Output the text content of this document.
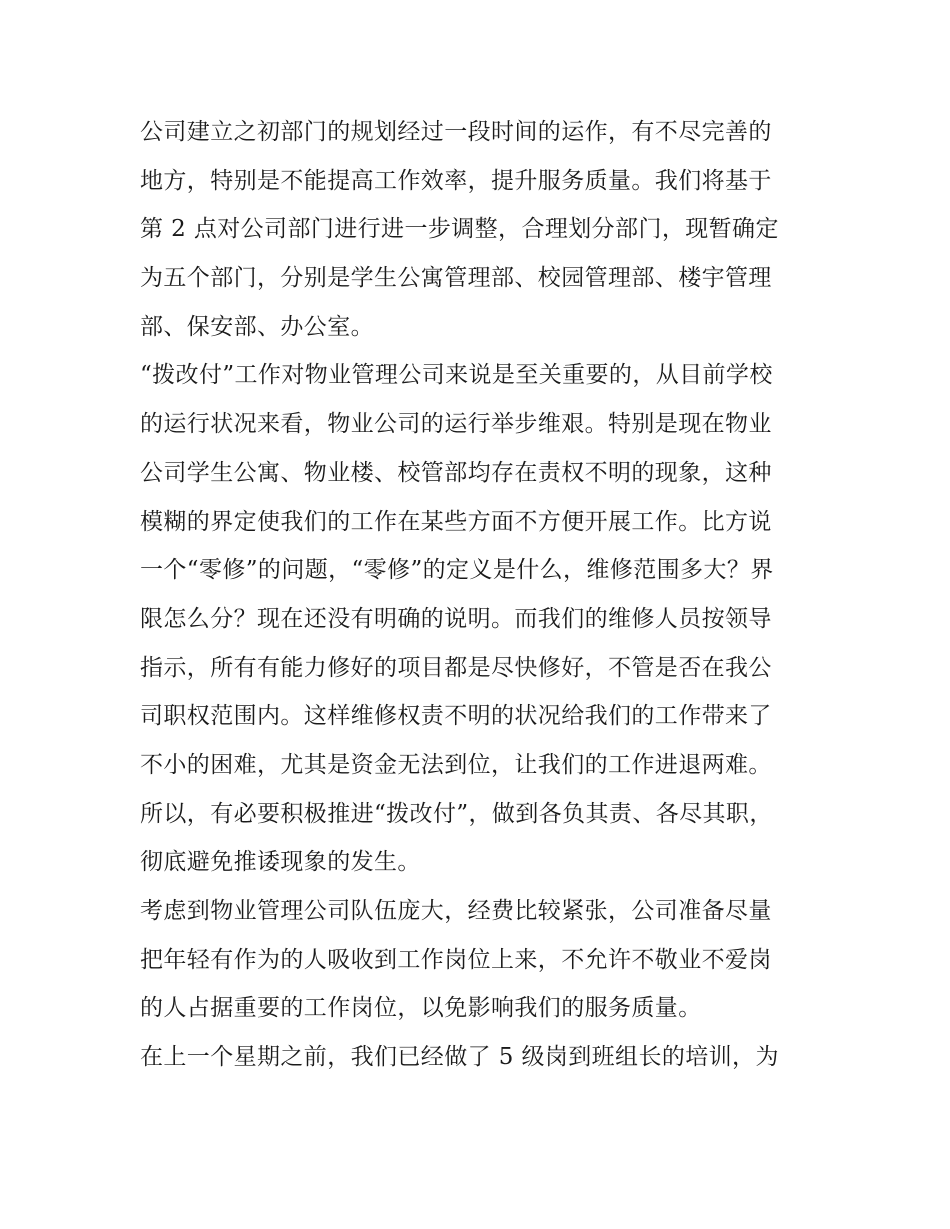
公司建立之初部门的规划经过一段时间的运作，有不尽完善的
地方，特别是不能提高工作效率，提升服务质量。我们将基于
第 2 点对公司部门进行进一步调整，合理划分部门，现暂确定
为五个部门，分别是学生公寓管理部、校园管理部、楼宇管理
部、保安部、办公室。
“拨改付”工作对物业管理公司来说是至关重要的，从目前学校
的运行状况来看，物业公司的运行举步维艰。特别是现在物业
公司学生公寓、物业楼、校管部均存在责权不明的现象，这种
模糊的界定使我们的工作在某些方面不方便开展工作。比方说
一个“零修”的问题，“零修”的定义是什么，维修范围多大？界
限怎么分？现在还没有明确的说明。而我们的维修人员按领导
指示，所有有能力修好的项目都是尽快修好，不管是否在我公
司职权范围内。这样维修权责不明的状况给我们的工作带来了
不小的困难，尤其是资金无法到位，让我们的工作进退两难。
所以，有必要积极推进“拨改付”，做到各负其责、各尽其职，
彻底避免推诿现象的发生。
考虑到物业管理公司队伍庞大，经费比较紧张，公司准备尽量
把年轻有作为的人吸收到工作岗位上来，不允许不敬业不爱岗
的人占据重要的工作岗位，以免影响我们的服务质量。
在上一个星期之前，我们已经做了 5 级岗到班组长的培训，为
